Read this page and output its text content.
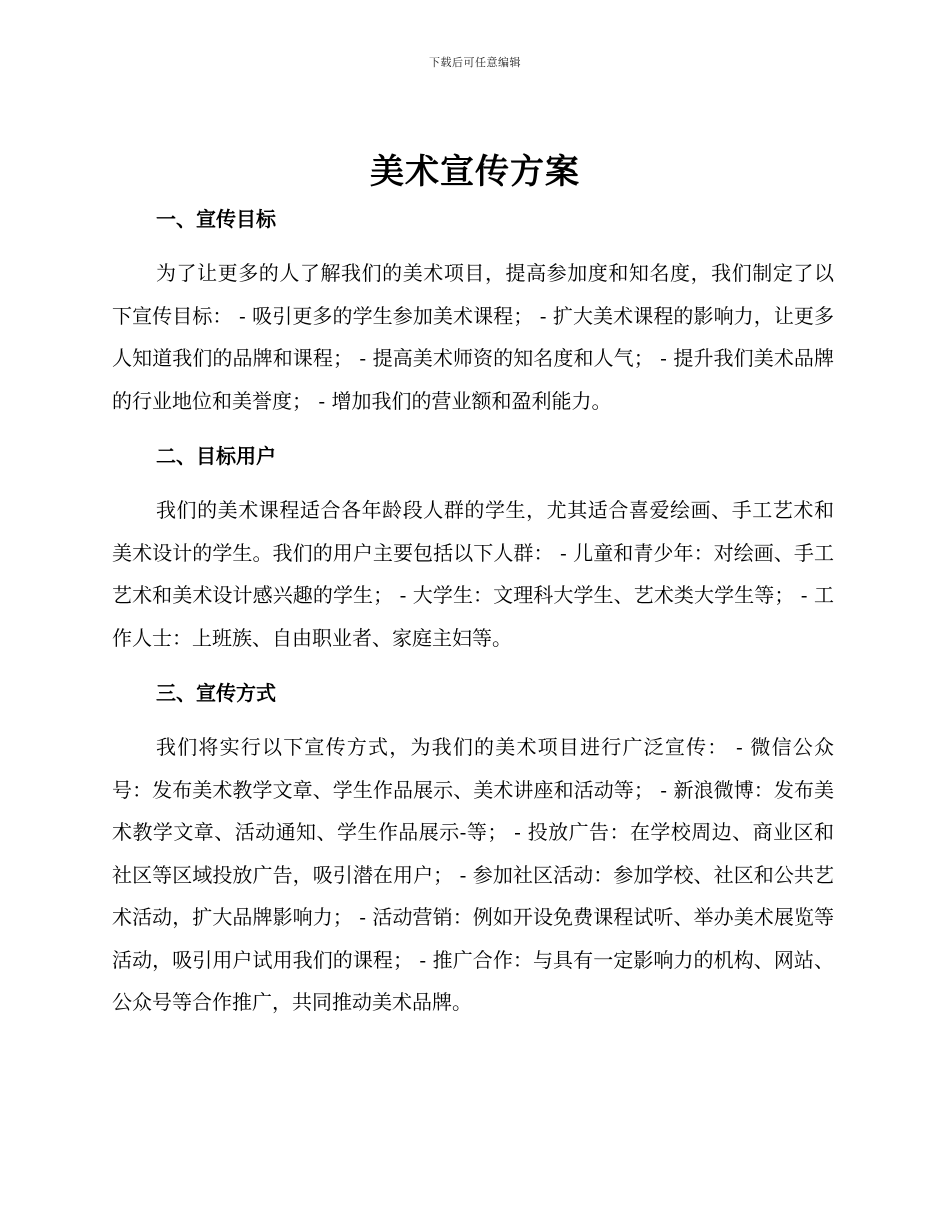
下载后可任意编辑
美术宣传方案
一、宣传目标

为了让更多的人了解我们的美术项目，提高参加度和知名度，我们制定了以下宣传目标： - 吸引更多的学生参加美术课程； - 扩大美术课程的影响力，让更多人知道我们的品牌和课程； - 提高美术师资的知名度和人气； - 提升我们美术品牌的行业地位和美誉度； - 增加我们的营业额和盈利能力。

二、目标用户

我们的美术课程适合各年龄段人群的学生，尤其适合喜爱绘画、手工艺术和美术设计的学生。我们的用户主要包括以下人群： - 儿童和青少年：对绘画、手工艺术和美术设计感兴趣的学生； - 大学生：文理科大学生、艺术类大学生等； - 工作人士：上班族、自由职业者、家庭主妇等。

三、宣传方式

我们将实行以下宣传方式，为我们的美术项目进行广泛宣传： - 微信公众号：发布美术教学文章、学生作品展示、美术讲座和活动等； - 新浪微博：发布美术教学文章、活动通知、学生作品展示-等； - 投放广告：在学校周边、商业区和社区等区域投放广告，吸引潜在用户； - 参加社区活动：参加学校、社区和公共艺术活动，扩大品牌影响力； - 活动营销：例如开设免费课程试听、举办美术展览等活动，吸引用户试用我们的课程； - 推广合作：与具有一定影响力的机构、网站、公众号等合作推广，共同推动美术品牌。
